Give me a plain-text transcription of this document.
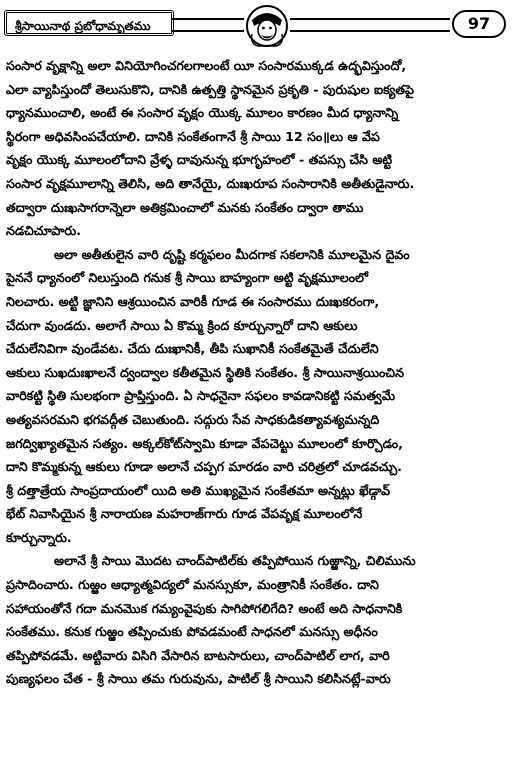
శ్రీసాయినాథ ప్రబోధామృతము	97
సంసార వృక్షాన్ని అలా వినియోగించగలగాలంటే యీ సంసారముక్కడ ఉద్భవిస్తుందో,
ఎలా వ్యాపిస్తుందో తెలుసుకొని, దానికి ఉత్పత్తి స్థానమైన ప్రకృతి - పురుషుల ఐక్యతపై
ధ్యానముంచాలి, అంటే ఈ సంసార వృక్షం యొక్క మూలం కారణం మీద ధ్యానాన్ని
స్థిరంగా అధివసింపచేయాలి. దానికి సంకేతంగానే శ్రీ సాయి 12 సం॥లు ఆ వేప
వృక్షం యొక్క మూలంలోదాని వ్రేళ్ళ దావునున్న భూగృహంలో - తపస్సు చేసి అట్టి
సంసార వృక్షమూలాన్ని తెలిసి, అది తానేయై, దుఃఖరూప సంసారానికి అతీతుడైనారు.
తద్వారా దుఃఖసాగరాన్నెలా అతిక్రమించాలో మనకు సంకేతం ద్వారా తాము
నడచిచూపారు.
అలా అతీతులైన వారి దృష్టి కర్మఫలం మీదగాక సకలానికి మూలమైన దైవం
పైననే ధ్యానంలో నిలుస్తుంది గనుక శ్రీ సాయి బాహ్యంగా అట్టి వృక్షమూలంలో
నిలచారు. అట్టి జ్ఞానిని ఆశ్రయించిన వారికీ గూడ ఈ సంసారము దుఃఖకరంగా,
చేదుగా వుండదు. అలాగే సాయి ఏ కొమ్మ క్రింద కూర్చున్నారో దాని ఆకులు
చేదులేనివిగా వుండేవట. చేదు దుఃఖానికీ, తీపి సుఖానికీ సంకేతమైతే చేదులేని
ఆకులు సుఖదుఃఖాలనే ద్వంద్వాల కతీతమైన స్థితికి సంకేతం. శ్రీ సాయినాశ్రయించిన
వారికట్టి స్థితి సులభంగా ప్రాప్తిస్తుంది. ఏ సాధనైనా సఫలం కావడానికట్టి సమత్వమే
అత్యవసరమని భగవద్గీత చెబుతుంది. సద్గురు సేవ సాధకుడికత్యావశ్యమన్నది
జగద్విఖ్యాతమైన సత్యం. అక్కల్‌కోట్‌స్వామి కూడా వేపచెట్టు మూలంలో కూర్చొడం,
దాని కొమ్మకున్న ఆకులు గూడా అలానే చప్పగ మారడం వారి చరిత్రలో చూడవచ్చు.
శ్రీ దత్తాత్రేయ సాంప్రదాయంలో యిది అతి ముఖ్యమైన సంకేతమా అన్నట్లు ఖేడ్గావ్
భేట్ నివాసియైన శ్రీ నారాయణ మహరాజ్‌గారు గూడ వేపవృక్ష మూలంలోనే
కూర్చున్నారు.
అలానే శ్రీ సాయి మొదట చాంద్‌పాటిల్‌కు తప్పిపోయిన గుఱ్ఱాన్ని, చిలిమును
ప్రసాదించారు. గుఱ్ఱం ఆధ్యాత్మవిద్యలో మనస్సుకూ, మంత్రానికీ సంకేతం. దాని
సహాయంతోనే గదా మనమొక గమ్యంవైపుకు సాగిపోగలిగేది? అంటే అది సాధనానికి
సంకేతము. కనుక గుఱ్ఱం తప్పించుకు పోవడమంటే సాధనలో మనస్సు అధీనం
తప్పిపోవడమే. అట్టివారు విసిగి వేసారిన బాటసారులు, చాంద్‌పాటిల్ లాగ, వారి
పుణ్యఫలం చేత - శ్రీ సాయి తమ గురువును, పాటిల్ శ్రీ సాయిని కలిసినట్లే-వారు
